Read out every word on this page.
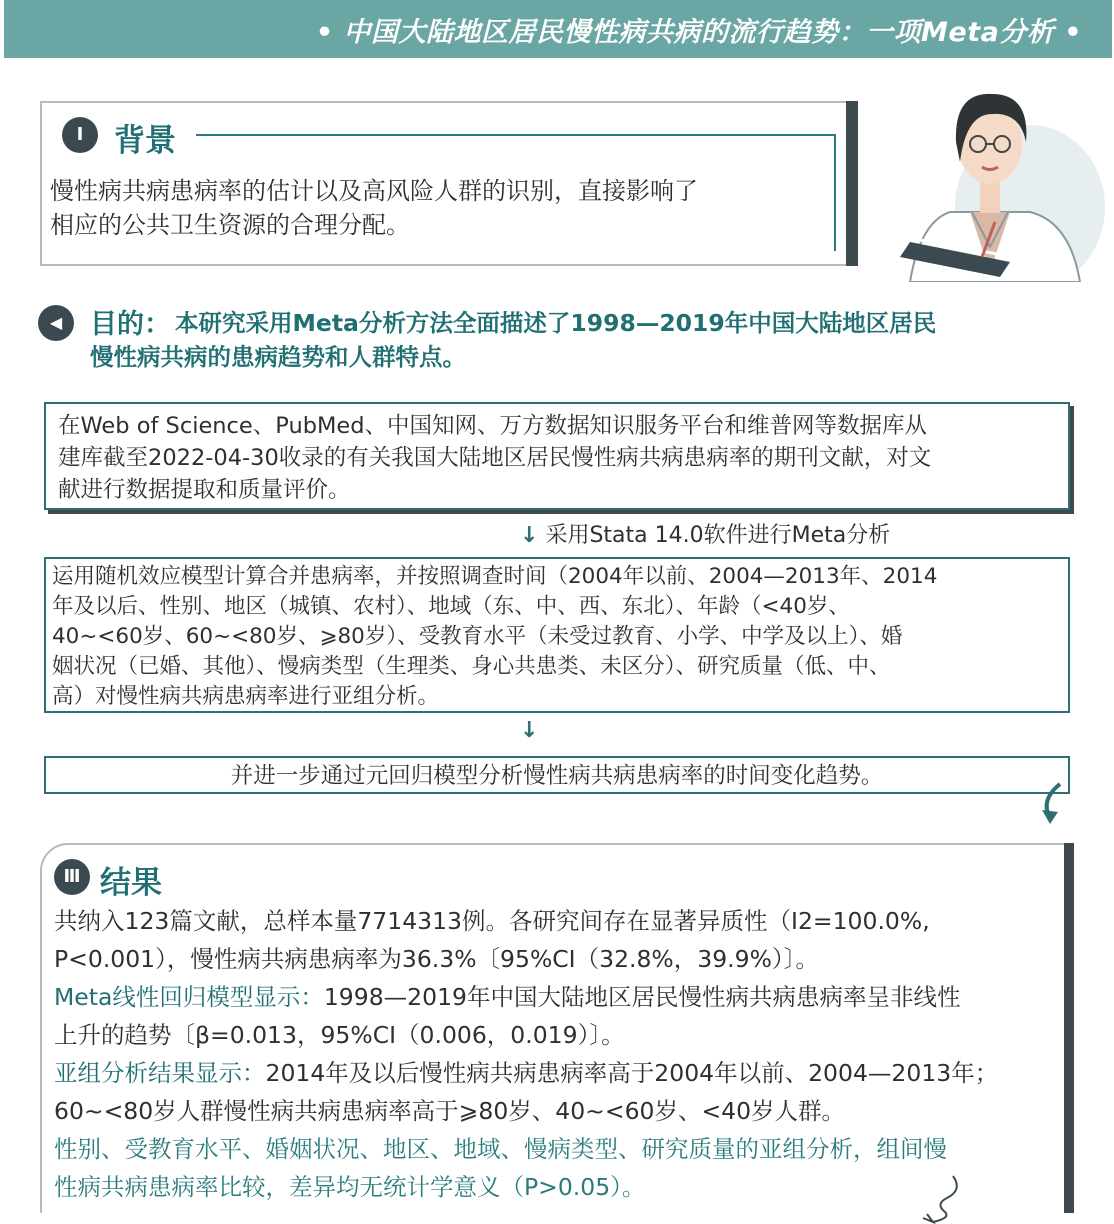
• 中国大陆地区居民慢性病共病的流行趋势：一项Meta分析 •
Ⅰ 背景
慢性病共病患病率的估计以及高风险人群的识别，直接影响了
相应的公共卫生资源的合理分配。
◀	目的： 本研究采用Meta分析方法全面描述了1998—2019年中国大陆地区居民
慢性病共病的患病趋势和人群特点。
在Web of Science、PubMed、中国知网、万方数据知识服务平台和维普网等数据库从
建库截至2022-04-30收录的有关我国大陆地区居民慢性病共病患病率的期刊文献，对文
献进行数据提取和质量评价。
↓ 采用Stata 14.0软件进行Meta分析
运用随机效应模型计算合并患病率，并按照调查时间（2004年以前、2004—2013年、2014
年及以后、性别、地区（城镇、农村）、地域（东、中、西、东北）、年龄（<40岁、
40~<60岁、60~<80岁、⩾80岁）、受教育水平（未受过教育、小学、中学及以上）、婚
姻状况（已婚、其他）、慢病类型（生理类、身心共患类、未区分）、研究质量（低、中、
高）对慢性病共病患病率进行亚组分析。
↓
并进一步通过元回归模型分析慢性病共病患病率的时间变化趋势。
Ⅲ 结果
共纳入123篇文献，总样本量7714313例。各研究间存在显著异质性（I2=100.0%,
P<0.001），慢性病共病患病率为36.3%〔95%CI（32.8%，39.9%）〕。
Meta线性回归模型显示：1998—2019年中国大陆地区居民慢性病共病患病率呈非线性
上升的趋势〔β=0.013，95%CI（0.006，0.019）〕。
亚组分析结果显示：2014年及以后慢性病共病患病率高于2004年以前、2004—2013年；
60~<80岁人群慢性病共病患病率高于⩾80岁、40~<60岁、<40岁人群。
性别、受教育水平、婚姻状况、地区、地域、慢病类型、研究质量的亚组分析，组间慢
性病共病患病率比较，差异均无统计学意义（P>0.05）。
